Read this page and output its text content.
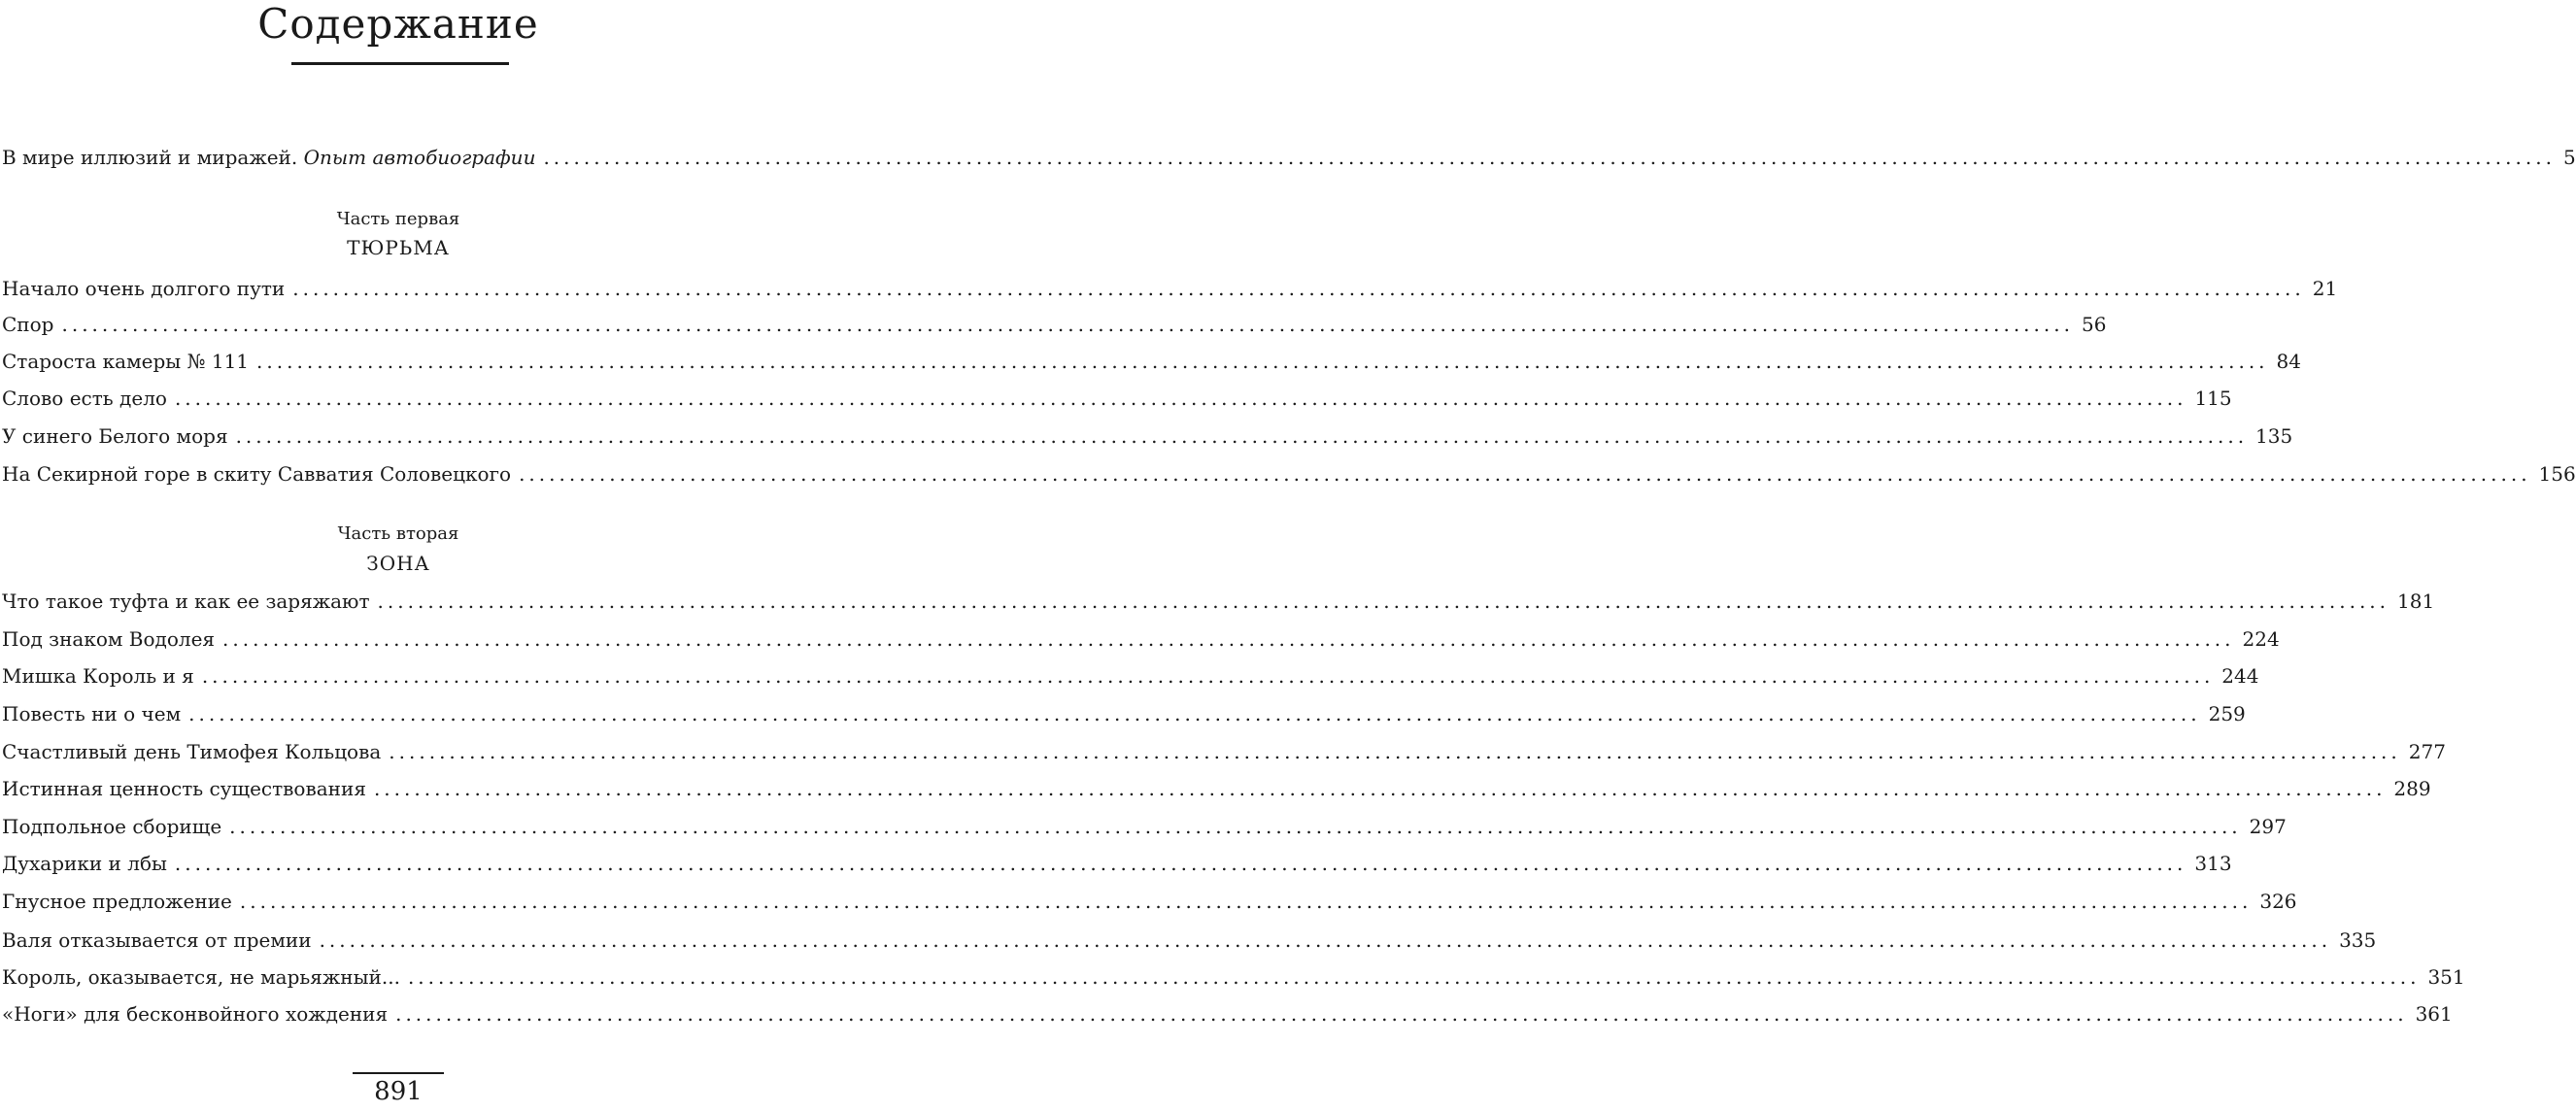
Содержание
В мире иллюзий и миражей. Опыт автобиографии ........................................................................................................................................................................................................ 5
Часть первая
ТЮРЬМА
Начало очень долгого пути ........................................................................................................................................................................................................ 21
Спор ........................................................................................................................................................................................................ 56
Староста камеры № 111 ........................................................................................................................................................................................................ 84
Слово есть дело ........................................................................................................................................................................................................ 115
У синего Белого моря ........................................................................................................................................................................................................ 135
На Секирной горе в скиту Савватия Соловецкого ........................................................................................................................................................................................................ 156
Часть вторая
ЗОНА
Что такое туфта и как ее заряжают ........................................................................................................................................................................................................ 181
Под знаком Водолея ........................................................................................................................................................................................................ 224
Мишка Король и я ........................................................................................................................................................................................................ 244
Повесть ни о чем ........................................................................................................................................................................................................ 259
Счастливый день Тимофея Кольцова ........................................................................................................................................................................................................ 277
Истинная ценность существования ........................................................................................................................................................................................................ 289
Подпольное сборище ........................................................................................................................................................................................................ 297
Духарики и лбы ........................................................................................................................................................................................................ 313
Гнусное предложение ........................................................................................................................................................................................................ 326
Валя отказывается от премии ........................................................................................................................................................................................................ 335
Король, оказывается, не марьяжный... ........................................................................................................................................................................................................ 351
«Ноги» для бесконвойного хождения ........................................................................................................................................................................................................ 361
891
